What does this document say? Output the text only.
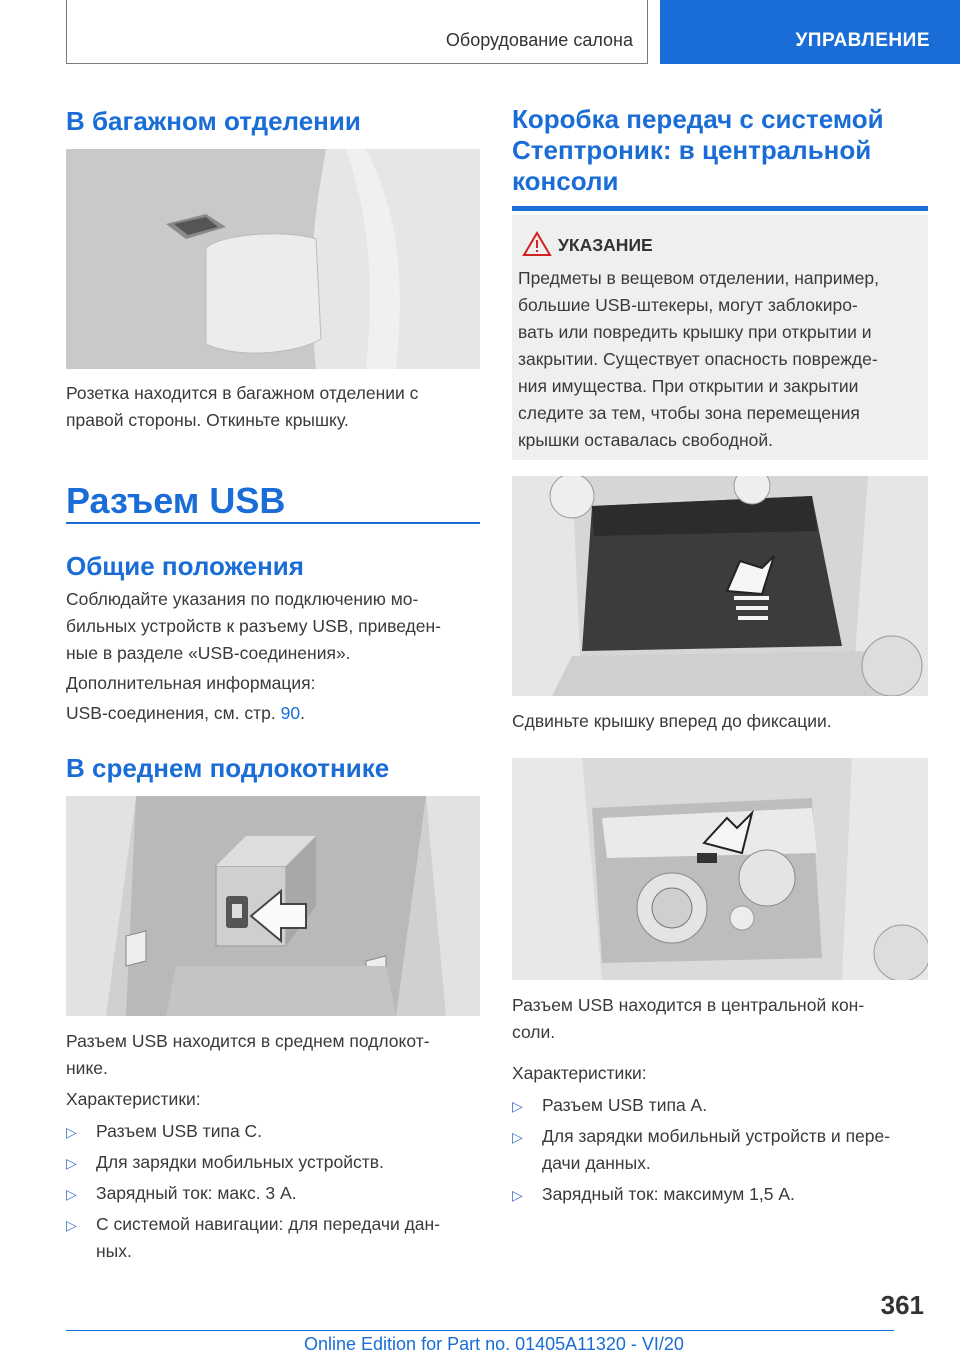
Оборудование салона	УПРАВЛЕНИЕ
В багажном отделении

Розетка находится в багажном отделении с

правой стороны. Откиньте крышку.

Разъем USB
Общие положения

Соблюдайте указания по подключению мо-

бильных устройств к разъему USB, приведен-

ные в разделе «USB-соединения».

Дополнительная информация:

USB-соединения, см. стр. 90.

В среднем подлокотнике

Разъем USB находится в среднем подлокот-

нике.

Характеристики:

▷ Разъем USB типа C.
▷ Для зарядки мобильных устройств.
▷ Зарядный ток: макс. 3 A.
▷ С системой навигации: для передачи дан-
ных.
Коробка передач с системой
Стептроник: в центральной
консоли
УКАЗАНИЕ

Предметы в вещевом отделении, например,

большие USB-штекеры, могут заблокиро-

вать или повредить крышку при открытии и

закрытии. Существует опасность поврежде-

ния имущества. При открытии и закрытии

следите за тем, чтобы зона перемещения

крышки оставалась свободной.

Сдвиньте крышку вперед до фиксации.

Разъем USB находится в центральной кон-

соли.

Характеристики:

▷ Разъем USB типа A.
▷ Для зарядки мобильный устройств и пере-
дачи данных.
▷ Зарядный ток: максимум 1,5 A.
361
Online Edition for Part no. 01405A11320 - VI/20
